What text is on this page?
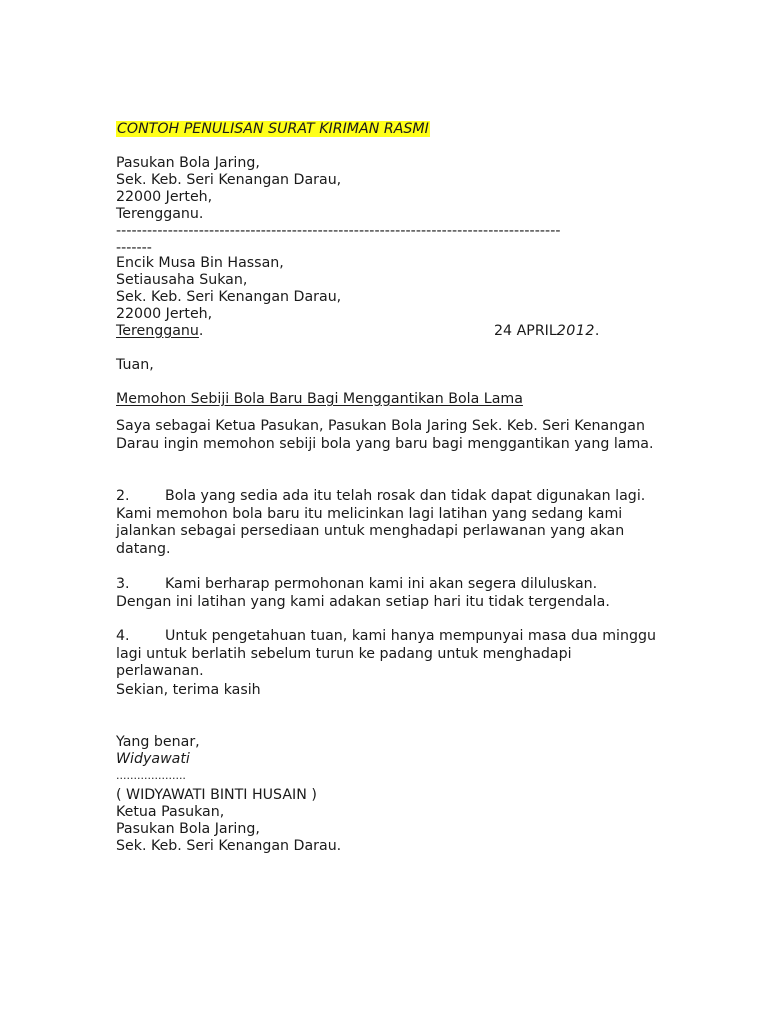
CONTOH PENULISAN SURAT KIRIMAN RASMI
Pasukan Bola Jaring,
Sek. Keb. Seri Kenangan Darau,
22000 Jerteh,
Terengganu.
--------------------------------------------------------------------------------------
-------
Encik Musa Bin Hassan,
Setiausaha Sukan,
Sek. Keb. Seri Kenangan Darau,
22000 Jerteh,
Terengganu.	24 APRIL2012.
Tuan,
Memohon Sebiji Bola Baru Bagi Menggantikan Bola Lama
Saya sebagai Ketua Pasukan, Pasukan Bola Jaring Sek. Keb. Seri Kenangan Darau ingin memohon sebiji bola yang baru bagi menggantikan yang lama.
2. Bola yang sedia ada itu telah rosak dan tidak dapat digunakan lagi. Kami memohon bola baru itu melicinkan lagi latihan yang sedang kami jalankan sebagai persediaan untuk menghadapi perlawanan yang akan datang.
3. Kami berharap permohonan kami ini akan segera diluluskan. Dengan ini latihan yang kami adakan setiap hari itu tidak tergendala.
4. Untuk pengetahuan tuan, kami hanya mempunyai masa dua minggu lagi untuk berlatih sebelum turun ke padang untuk menghadapi perlawanan.
Sekian, terima kasih
Yang benar,
Widyawati
....................
( WIDYAWATI BINTI HUSAIN )
Ketua Pasukan,
Pasukan Bola Jaring,
Sek. Keb. Seri Kenangan Darau.
